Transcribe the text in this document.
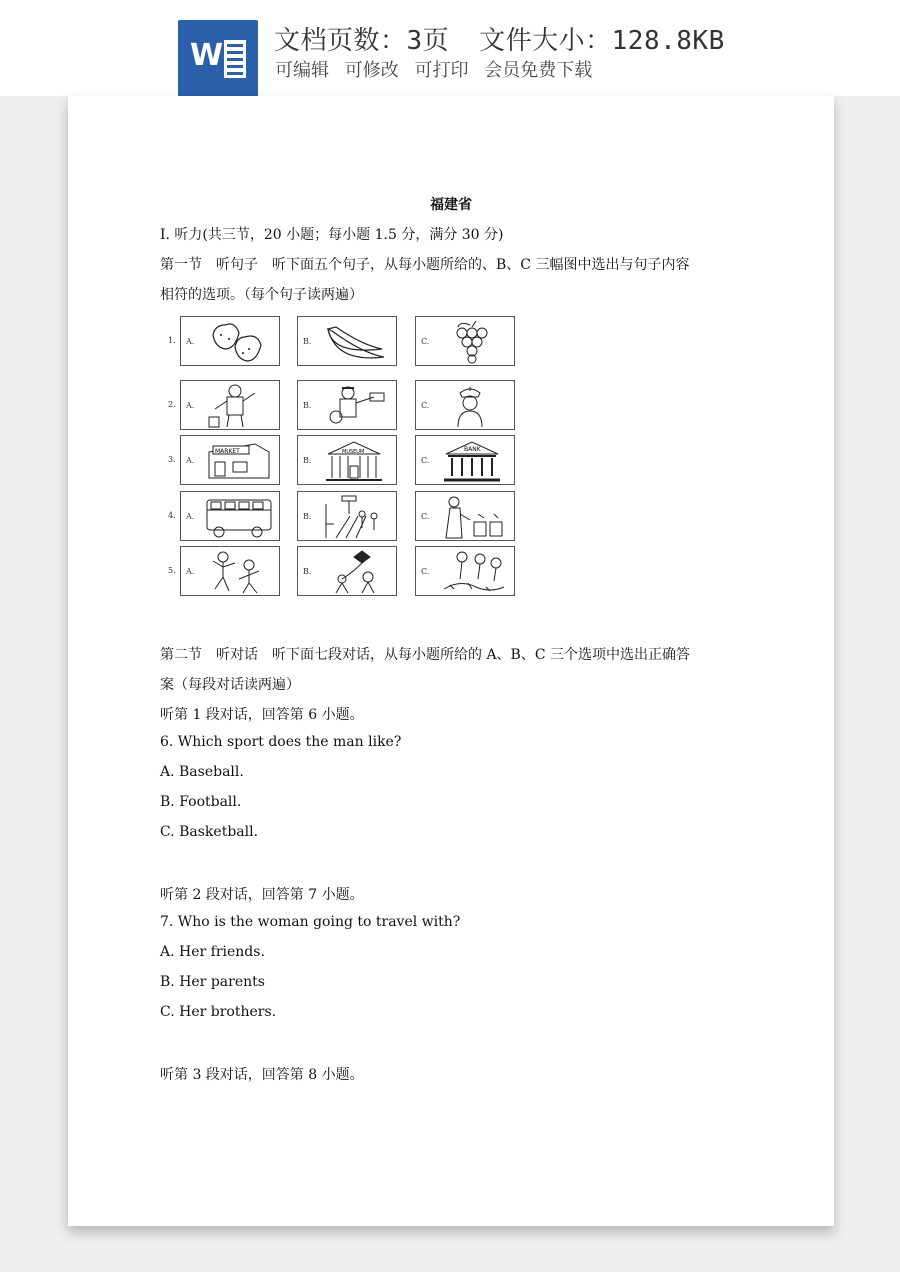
W 文档页数：3页 文件大小：128.8KB
可编辑 可修改 可打印 会员免费下载
福建省
I. 听力(共三节，20 小题；每小题 1.5 分，满分 30 分)
第一节　听句子　听下面五个句子，从每小题所给的、B、C 三幅图中选出与句子内容
相符的选项。（每个句子读两遍）
1. A.	B.	C.
2. A.	B.	C.
3. A.
MARKET
B.
MUSEUM
C.
BANK
4. A.	B.	C.
5. A.	B.	C.
第二节　听对话　听下面七段对话，从每小题所给的 A、B、C 三个选项中选出正确答
案（每段对话读两遍）
听第 1 段对话，回答第 6 小题。
6. Which sport does the man like?
A. Baseball.
B. Football.
C. Basketball.
听第 2 段对话，回答第 7 小题。
7. Who is the woman going to travel with?
A. Her friends.
B. Her parents
C. Her brothers.
听第 3 段对话，回答第 8 小题。
